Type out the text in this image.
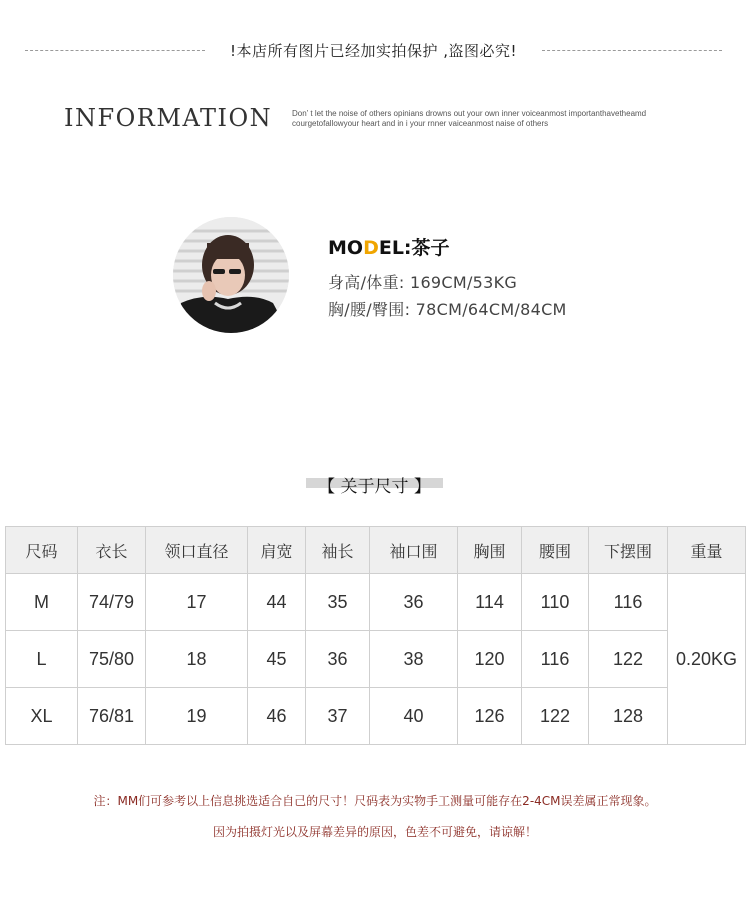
!本店所有图片已经加实拍保护 ,盗图必究!
INFORMATION Don’ t let the noise of others opinians drowns out your own inner voiceanmost importanthavetheamd
courgetofallowyour heart and in i your rnner vaiceanmost naise of others
MODEL:茶子
身高/体重: 169CM/53KG
胸/腰/臀围: 78CM/64CM/84CM
【 关于尺寸 】
尺码	衣长	领口直径	肩宽	袖长	袖口围	胸围	腰围	下摆围	重量
M	74/79	17	44	35	36	114	110	116	0.20KG
L	75/80	18	45	36	38	120	116	122	
XL	76/81	19	46	37	40	126	122	128	
注：MM们可参考以上信息挑选适合自己的尺寸！尺码表为实物手工测量可能存在2-4CM误差属正常现象。
因为拍摄灯光以及屏幕差异的原因，色差不可避免，请谅解！
